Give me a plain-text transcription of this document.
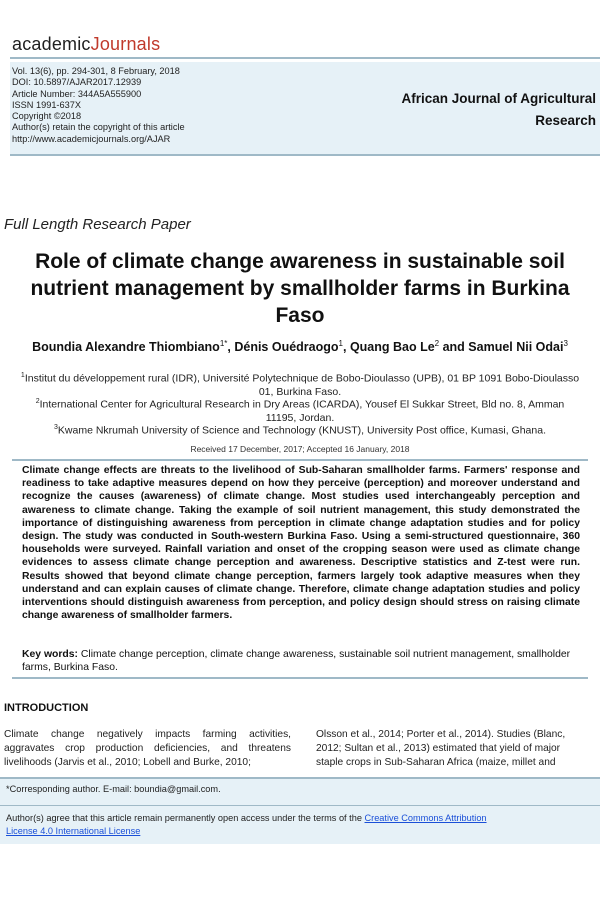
academicJournals
Vol. 13(6), pp. 294-301, 8 February, 2018
DOI: 10.5897/AJAR2017.12939
Article Number: 344A5A555900
ISSN 1991-637X
Copyright ©2018
Author(s) retain the copyright of this article
http://www.academicjournals.org/AJAR
African Journal of Agricultural
Research
Full Length Research Paper
Role of climate change awareness in sustainable soil nutrient management by smallholder farms in Burkina Faso
Boundia Alexandre Thiombiano$^{1*}$, Dénis Ouédraogo$^1$, Quang Bao Le$^2$ and Samuel Nii Odai$^3$
$^1$Institut du développement rural (IDR), Université Polytechnique de Bobo-Dioulasso (UPB), 01 BP 1091 Bobo-Dioulasso
01, Burkina Faso.
$^2$International Center for Agricultural Research in Dry Areas (ICARDA), Yousef El Sukkar Street, Bld no. 8, Amman
11195, Jordan.
$^3$Kwame Nkrumah University of Science and Technology (KNUST), University Post office, Kumasi, Ghana.
Received 17 December, 2017; Accepted 16 January, 2018
Climate change effects are threats to the livelihood of Sub-Saharan smallholder farms. Farmers' response and readiness to take adaptive measures depend on how they perceive (perception) and moreover understand and recognize the causes (awareness) of climate change. Most studies used interchangeably perception and awareness to climate change. Taking the example of soil nutrient management, this study demonstrated the importance of distinguishing awareness from perception in climate change adaptation studies and for policy design. The study was conducted in South-western Burkina Faso. Using a semi-structured questionnaire, 360 households were surveyed. Rainfall variation and onset of the cropping season were used as climate change evidences to assess climate change perception and awareness. Descriptive statistics and Z-test were run. Results showed that beyond climate change perception, farmers largely took adaptive measures when they understand and can explain causes of climate change. Therefore, climate change adaptation studies and policy interventions should distinguish awareness from perception, and policy design should stress on raising climate change awareness of smallholder farmers.
Key words: Climate change perception, climate change awareness, sustainable soil nutrient management, smallholder farms, Burkina Faso.
INTRODUCTION
Climate change negatively impacts farming activities, aggravates crop production deficiencies, and threatens livelihoods (Jarvis et al., 2010; Lobell and Burke, 2010;
Olsson et al., 2014; Porter et al., 2014). Studies (Blanc,
2012; Sultan et al., 2013) estimated that yield of major
staple crops in Sub-Saharan Africa (maize, millet and
*Corresponding author. E-mail: boundia@gmail.com.
Author(s) agree that this article remain permanently open access under the terms of the Creative Commons Attribution
License 4.0 International License
